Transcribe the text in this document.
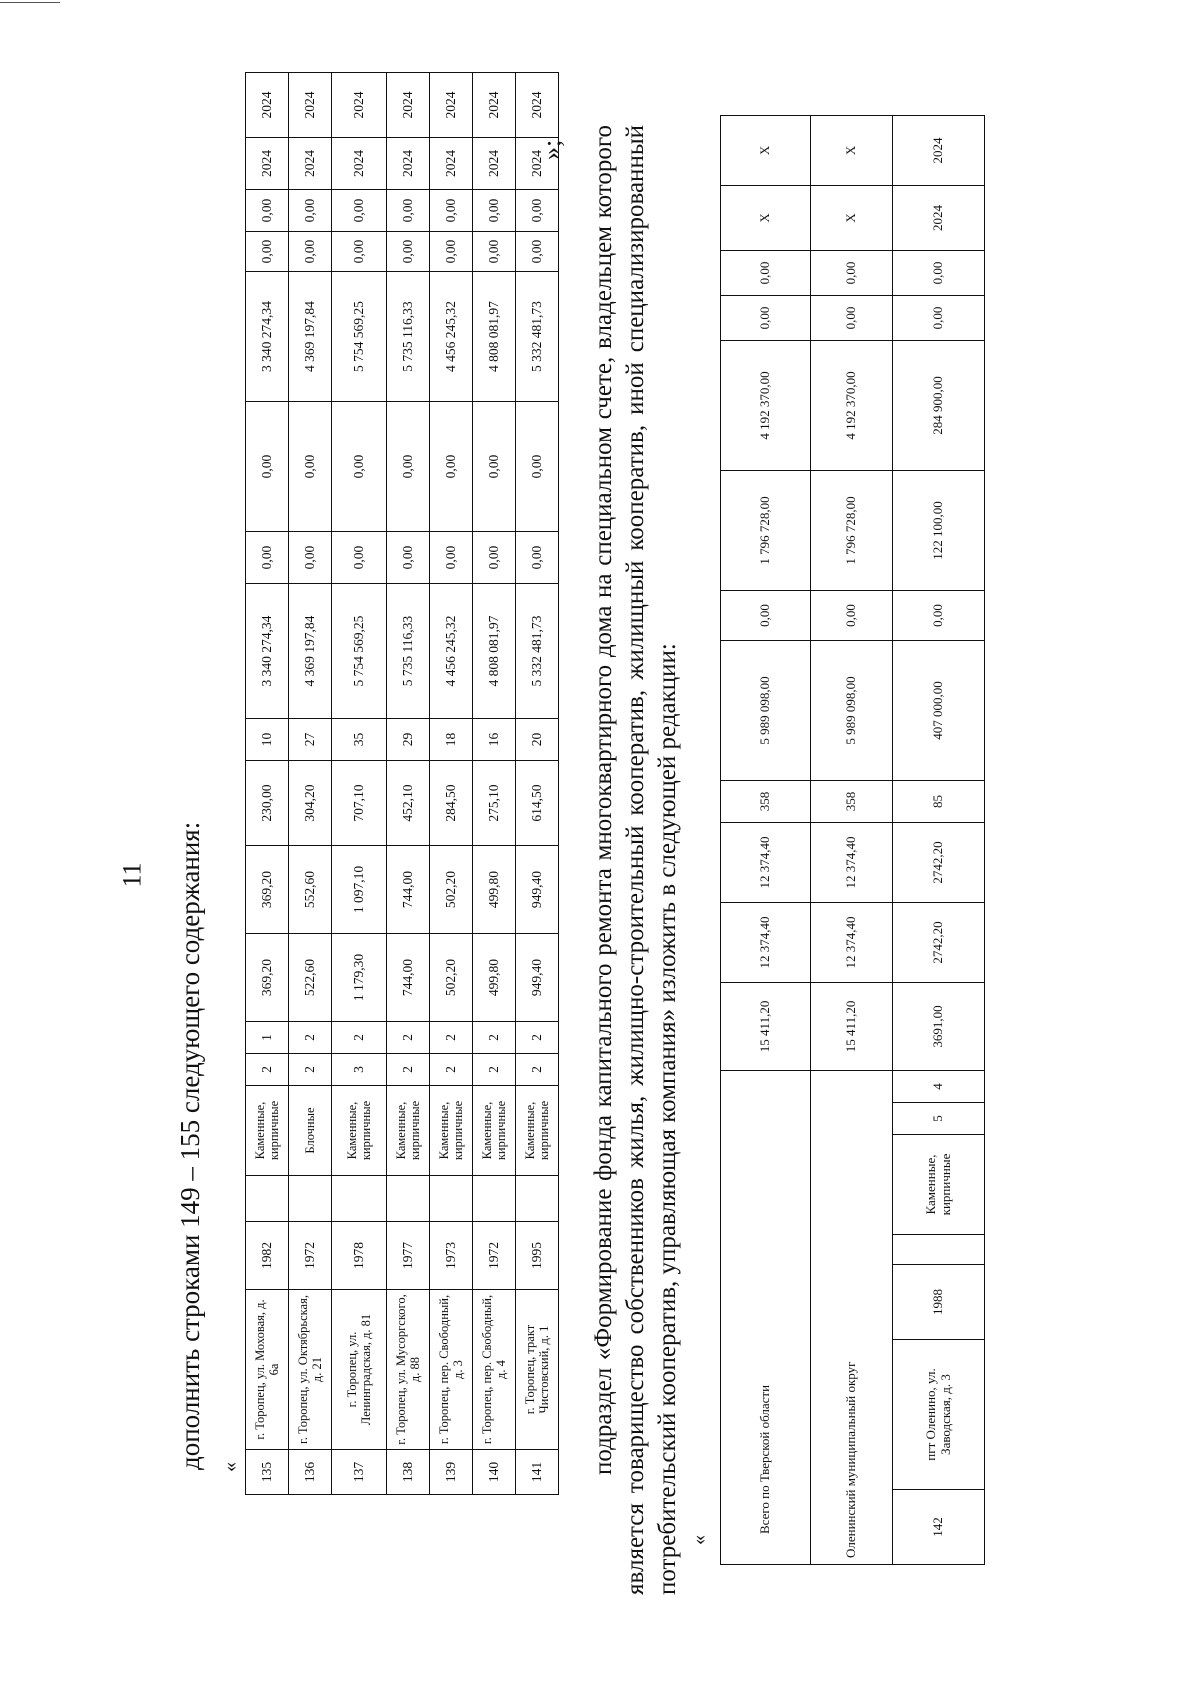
11 дополнить строками 149 – 155 следующего содержания: « 135	г. Торопец, ул. Моховая, д. 6а	1982		Каменные, кирпичные	2	1	369,20	369,20	230,00	10	3 340 274,34	0,00	0,00	3 340 274,34	0,00	0,00	2024	2024
136	г. Торопец, ул. Октябрьская, д. 21	1972		Блочные	2	2	522,60	552,60	304,20	27	4 369 197,84	0,00	0,00	4 369 197,84	0,00	0,00	2024	2024
137	г. Торопец, ул. Ленинградская, д. 81	1978		Каменные, кирпичные	3	2	1 179,30	1 097,10	707,10	35	5 754 569,25	0,00	0,00	5 754 569,25	0,00	0,00	2024	2024
138	г. Торопец, ул. Мусоргского, д. 88	1977		Каменные, кирпичные	2	2	744,00	744,00	452,10	29	5 735 116,33	0,00	0,00	5 735 116,33	0,00	0,00	2024	2024
139	г. Торопец, пер. Свободный, д. 3	1973		Каменные, кирпичные	2	2	502,20	502,20	284,50	18	4 456 245,32	0,00	0,00	4 456 245,32	0,00	0,00	2024	2024
140	г. Торопец, пер. Свободный, д. 4	1972		Каменные, кирпичные	2	2	499,80	499,80	275,10	16	4 808 081,97	0,00	0,00	4 808 081,97	0,00	0,00	2024	2024
141	г. Торопец, тракт Чистовский, д. 1	1995		Каменные, кирпичные	2	2	949,40	949,40	614,50	20	5 332 481,73	0,00	0,00	5 332 481,73	0,00	0,00	2024	2024
»; подраздел «Формирование фонда капитального ремонта многоквартирного дома на специальном счете, владельцем которого является товарищество собственников жилья, жилищно-строительный кооператив, жилищный кооператив, иной специализированный потребительский кооператив, управляющая компания» изложить в следующей редакции: «
Всего по Тверской области							15 411,20	12 374,40	12 374,40	358	5 989 098,00	0,00	1 796 728,00	4 192 370,00	0,00	0,00	Х	Х
Оленинский муниципальный округ							15 411,20	12 374,40	12 374,40	358	5 989 098,00	0,00	1 796 728,00	4 192 370,00	0,00	0,00	Х	Х
142	пгт Оленино, ул. Заводская, д. 3	1988		Каменные, кирпичные	5	4	3691,00	2742,20	2742,20	85	407 000,00	0,00	122 100,00	284 900,00	0,00	0,00	2024	2024
